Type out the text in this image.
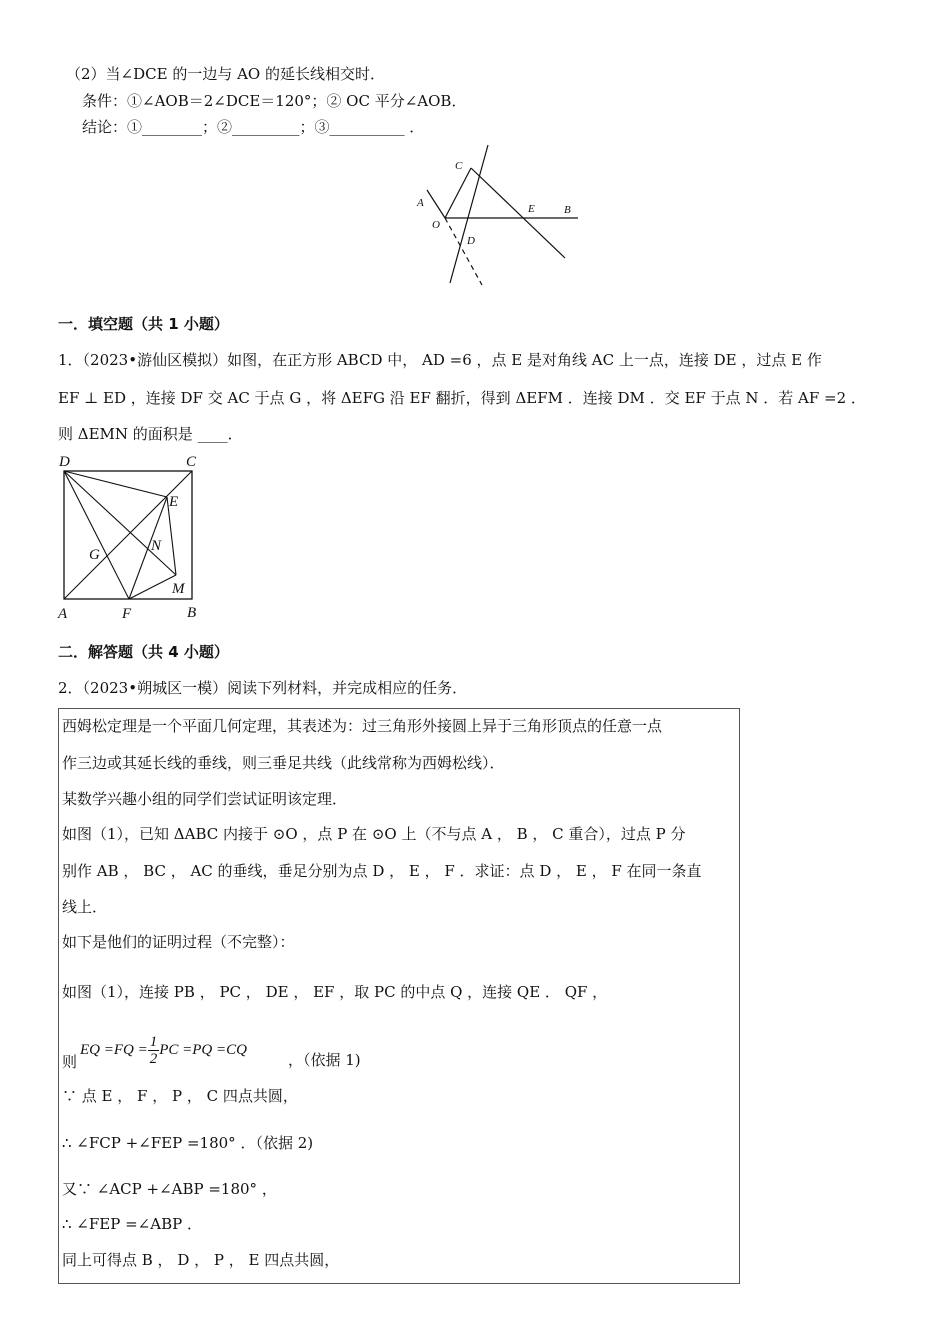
（2）当∠DCE 的一边与 AO 的延长线相交时．
条件：①∠AOB＝2∠DCE＝120°；② OC 平分∠AOB．
结论：①________；②_________；③__________ ．
C
A
O
D
E	B
一．填空题（共 1 小题）
1．（2023•游仙区模拟）如图，在正方形 ABCD 中， AD =6 ，点 E 是对角线 AC 上一点，连接 DE ，过点 E 作
EF ⊥ ED ，连接 DF 交 AC 于点 G ，将 ΔEFG 沿 EF 翻折，得到 ΔEFM ．连接 DM ．交 EF 于点 N ．若 AF =2 ．
则 ΔEMN 的面积是 ____．
D	C
E
G
N
M
A	F	B
二．解答题（共 4 小题）
2．（2023•朔城区一模）阅读下列材料，并完成相应的任务．
西姆松定理是一个平面几何定理，其表述为：过三角形外接圆上异于三角形顶点的任意一点
作三边或其延长线的垂线，则三垂足共线（此线常称为西姆松线）．
某数学兴趣小组的同学们尝试证明该定理．
如图（1），已知 ΔABC 内接于 ⊙O ，点 P 在 ⊙O 上（不与点 A ， B ， C 重合），过点 P 分
别作 AB ， BC ， AC 的垂线，垂足分别为点 D ， E ， F ．求证：点 D ， E ， F 在同一条直
线上．
如下是他们的证明过程（不完整）：
如图（1），连接 PB ， PC ， DE ， EF ，取 PC 的中点 Q ，连接 QE ． QF ，
则
EQ $=FQ = \frac{1}{2}$ PC =PQ =CQ
，（依据 1)
∵ 点 E ， F ， P ， C 四点共圆，
∴ ∠FCP +∠FEP =180° ．（依据 2)
又∵ ∠ACP +∠ABP =180° ，
∴ ∠FEP =∠ABP ．
同上可得点 B ， D ， P ， E 四点共圆，
